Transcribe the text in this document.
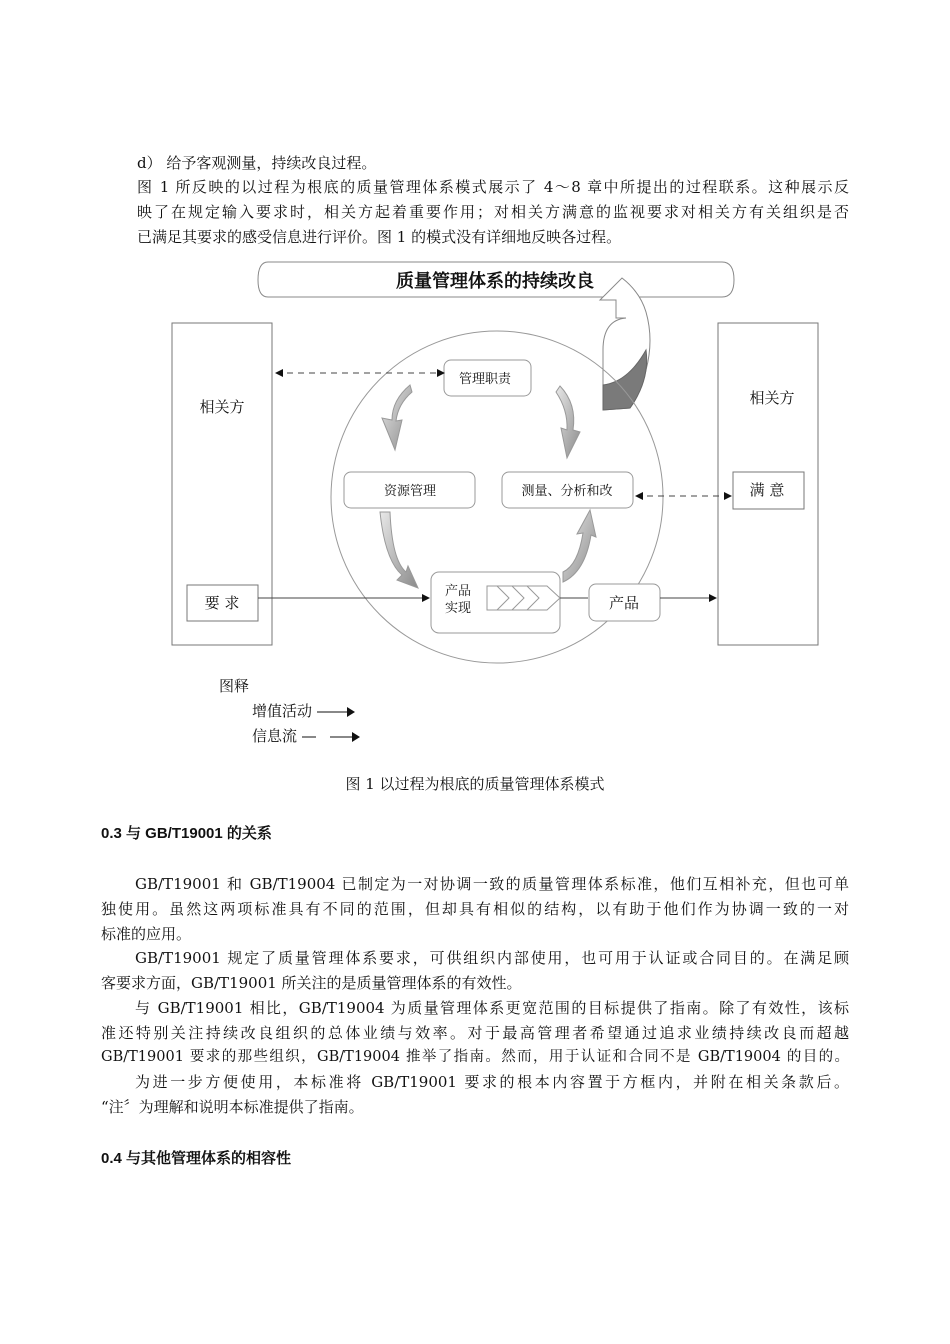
d） 给予客观测量，持续改良过程。
图 1 所反映的以过程为根底的质量管理体系模式展示了 4～8 章中所提出的过程联系。这种展示反
映了在规定输入要求时，相关方起着重要作用；对相关方满意的监视要求对相关方有关组织是否
已满足其要求的感受信息进行评价。图 1 的模式没有详细地反映各过程。
质量管理体系的持续改良
相关方	相关方
管理职责
资源管理	测量、分析和改	满 意
要 求
产品
实现	产品
图释
增值活动
信息流
图 1 以过程为根底的质量管理体系模式
0.3 与 GB/T19001 的关系
GB/T19001 和 GB/T19004 已制定为一对协调一致的质量管理体系标准，他们互相补充，但也可单
独使用。虽然这两项标准具有不同的范围，但却具有相似的结构，以有助于他们作为协调一致的一对
标准的应用。
GB/T19001 规定了质量管理体系要求，可供组织内部使用，也可用于认证或合同目的。在满足顾
客要求方面，GB/T19001 所关注的是质量管理体系的有效性。
与 GB/T19001 相比，GB/T19004 为质量管理体系更宽范围的目标提供了指南。除了有效性，该标
准还特别关注持续改良组织的总体业绩与效率。对于最高管理者希望通过追求业绩持续改良而超越
GB/T19001 要求的那些组织，GB/T19004 推举了指南。然而，用于认证和合同不是 GB/T19004 的目的。
为进一步方便使用，本标准将 GB/T19001 要求的根本内容置于方框内，并附在相关条款后。
“注〞为理解和说明本标准提供了指南。
0.4 与其他管理体系的相容性
